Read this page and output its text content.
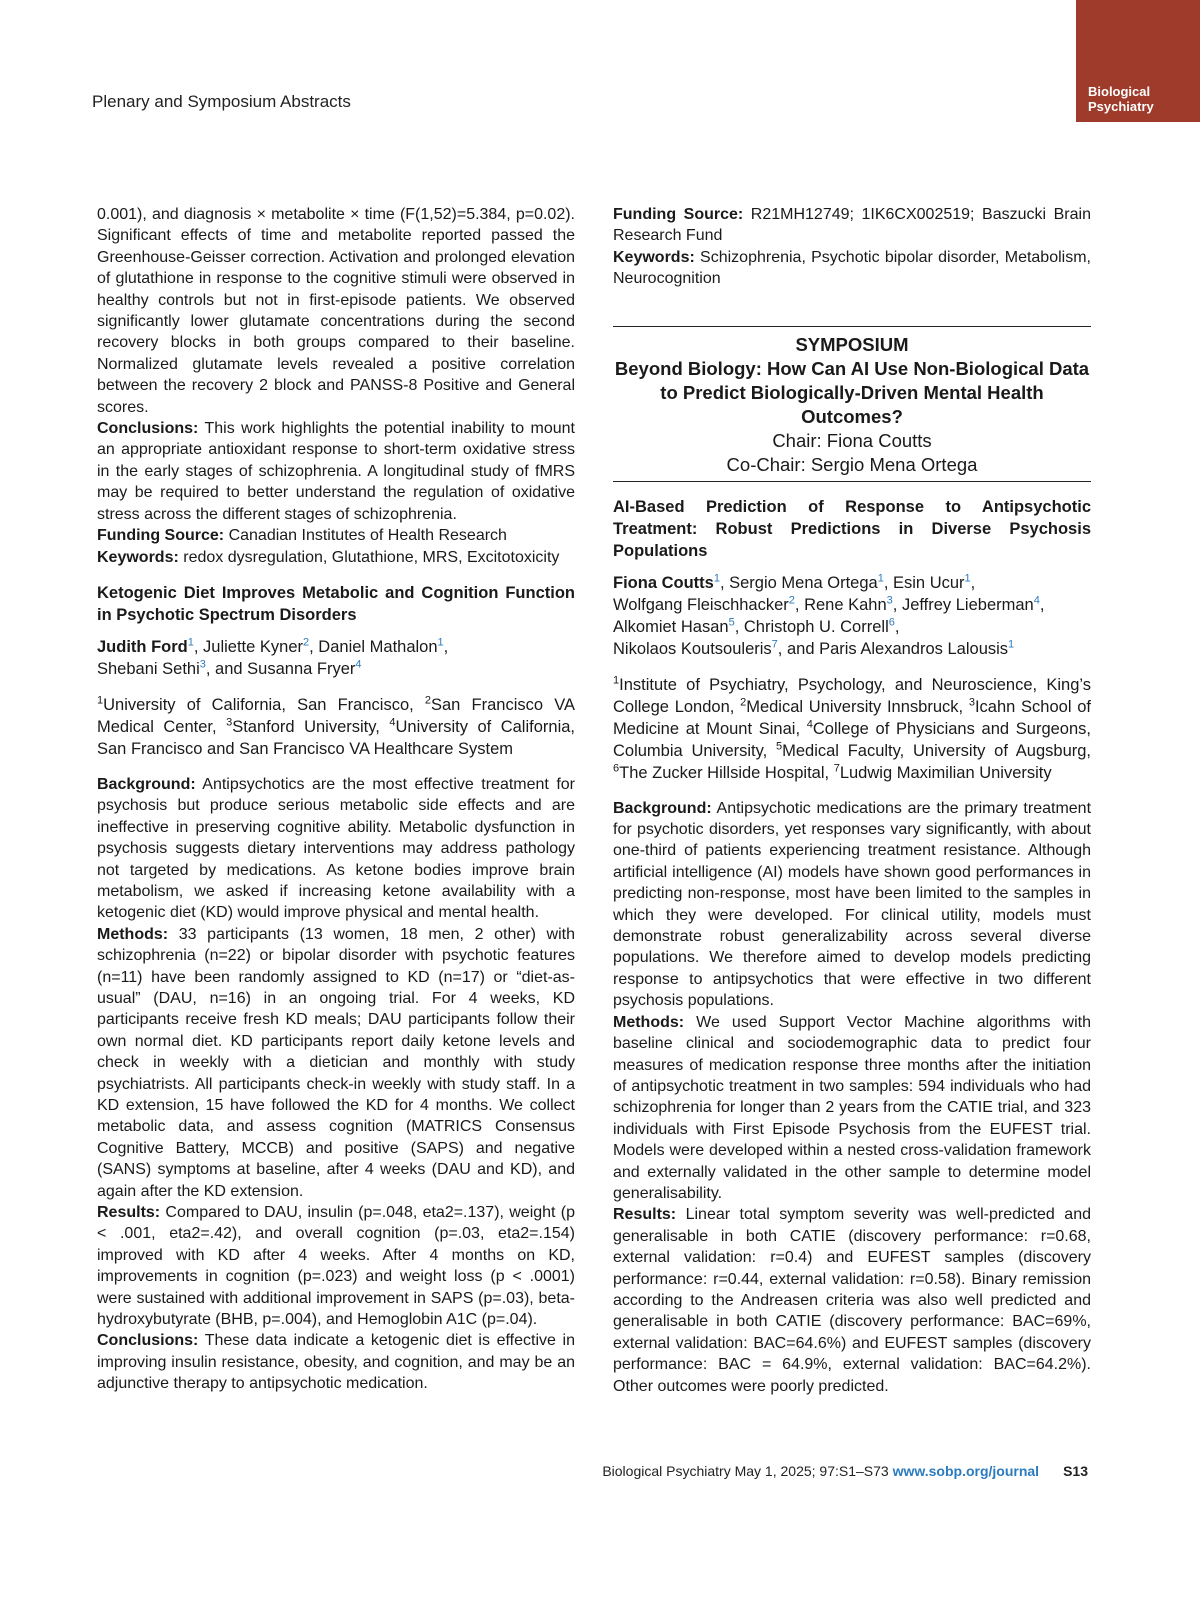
Plenary and Symposium Abstracts
Biological
Psychiatry

0.001), and diagnosis × metabolite × time (F(1,52)=5.384, p=0.02). Significant effects of time and metabolite reported passed the Greenhouse-Geisser correction. Activation and prolonged elevation of glutathione in response to the cognitive stimuli were observed in healthy controls but not in first-episode patients. We observed significantly lower glutamate concentrations during the second recovery blocks in both groups compared to their baseline. Normalized glutamate levels revealed a positive correlation between the recovery 2 block and PANSS-8 Positive and General scores.

Conclusions: This work highlights the potential inability to mount an appropriate antioxidant response to short-term oxidative stress in the early stages of schizophrenia. A longitudinal study of fMRS may be required to better understand the regulation of oxidative stress across the different stages of schizophrenia.

Funding Source: Canadian Institutes of Health Research

Keywords: redox dysregulation, Glutathione, MRS, Excitotoxicity

Ketogenic Diet Improves Metabolic and Cognition Function in Psychotic Spectrum Disorders
Judith Ford$^1$, Juliette Kyner$^2$, Daniel Mathalon$^1$,
Shebani Sethi$^3$, and Susanna Fryer$^4$
$^1$University of California, San Francisco, $^2$San Francisco VA Medical Center, $^3$Stanford University, $^4$University of California, San Francisco and San Francisco VA Healthcare System

Background: Antipsychotics are the most effective treatment for psychosis but produce serious metabolic side effects and are ineffective in preserving cognitive ability. Metabolic dysfunction in psychosis suggests dietary interventions may address pathology not targeted by medications. As ketone bodies improve brain metabolism, we asked if increasing ketone availability with a ketogenic diet (KD) would improve physical and mental health.

Methods: 33 participants (13 women, 18 men, 2 other) with schizophrenia (n=22) or bipolar disorder with psychotic features (n=11) have been randomly assigned to KD (n=17) or “diet-as-usual” (DAU, n=16) in an ongoing trial. For 4 weeks, KD participants receive fresh KD meals; DAU participants follow their own normal diet. KD participants report daily ketone levels and check in weekly with a dietician and monthly with study psychiatrists. All participants check-in weekly with study staff. In a KD extension, 15 have followed the KD for 4 months. We collect metabolic data, and assess cognition (MATRICS Consensus Cognitive Battery, MCCB) and positive (SAPS) and negative (SANS) symptoms at baseline, after 4 weeks (DAU and KD), and again after the KD extension.

Results: Compared to DAU, insulin (p=.048, eta2=.137), weight (p < .001, eta2=.42), and overall cognition (p=.03, eta2=.154) improved with KD after 4 weeks. After 4 months on KD, improvements in cognition (p=.023) and weight loss (p < .0001) were sustained with additional improvement in SAPS (p=.03), beta-hydroxybutyrate (BHB, p=.004), and Hemoglobin A1C (p=.04).

Conclusions: These data indicate a ketogenic diet is effective in improving insulin resistance, obesity, and cognition, and may be an adjunctive therapy to antipsychotic medication.

Funding Source: R21MH12749; 1IK6CX002519; Baszucki Brain Research Fund

Keywords: Schizophrenia, Psychotic bipolar disorder, Metabolism, Neurocognition

SYMPOSIUM
Beyond Biology: How Can AI Use Non-Biological Data to Predict Biologically-Driven Mental Health Outcomes?
Chair: Fiona Coutts
Co-Chair: Sergio Mena Ortega
AI-Based Prediction of Response to Antipsychotic Treatment: Robust Predictions in Diverse Psychosis Populations
Fiona Coutts$^1$, Sergio Mena Ortega$^1$, Esin Ucur$^1$,
Wolfgang Fleischhacker$^2$, Rene Kahn$^3$, Jeffrey Lieberman$^4$,
Alkomiet Hasan$^5$, Christoph U. Correll$^6$,
Nikolaos Koutsouleris$^7$, and Paris Alexandros Lalousis$^1$
$^1$Institute of Psychiatry, Psychology, and Neuroscience, King’s College London, $^2$Medical University Innsbruck, $^3$Icahn School of Medicine at Mount Sinai, $^4$College of Physicians and Surgeons, Columbia University, $^5$Medical Faculty, University of Augsburg, $^6$The Zucker Hillside Hospital, $^7$Ludwig Maximilian University

Background: Antipsychotic medications are the primary treatment for psychotic disorders, yet responses vary significantly, with about one-third of patients experiencing treatment resistance. Although artificial intelligence (AI) models have shown good performances in predicting non-response, most have been limited to the samples in which they were developed. For clinical utility, models must demonstrate robust generalizability across several diverse populations. We therefore aimed to develop models predicting response to antipsychotics that were effective in two different psychosis populations.

Methods: We used Support Vector Machine algorithms with baseline clinical and sociodemographic data to predict four measures of medication response three months after the initiation of antipsychotic treatment in two samples: 594 individuals who had schizophrenia for longer than 2 years from the CATIE trial, and 323 individuals with First Episode Psychosis from the EUFEST trial. Models were developed within a nested cross-validation framework and externally validated in the other sample to determine model generalisability.

Results: Linear total symptom severity was well-predicted and generalisable in both CATIE (discovery performance: r=0.68, external validation: r=0.4) and EUFEST samples (discovery performance: r=0.44, external validation: r=0.58). Binary remission according to the Andreasen criteria was also well predicted and generalisable in both CATIE (discovery performance: BAC=69%, external validation: BAC=64.6%) and EUFEST samples (discovery performance: BAC = 64.9%, external validation: BAC=64.2%). Other outcomes were poorly predicted.

Biological Psychiatry May 1, 2025; 97:S1–S73 www.sobp.org/journal S13
